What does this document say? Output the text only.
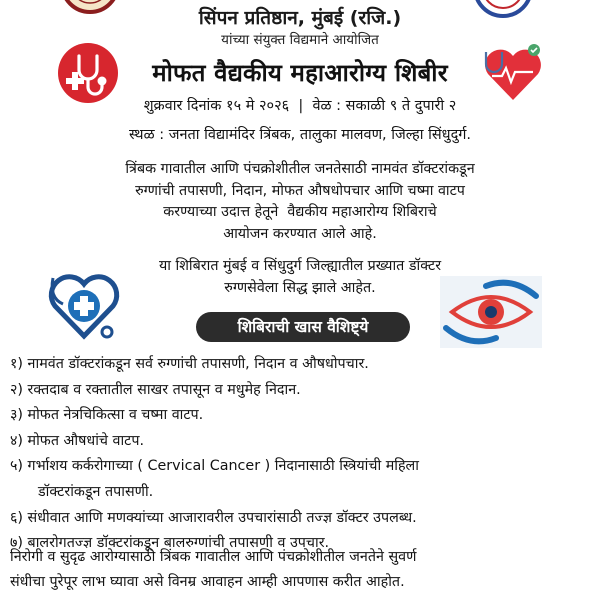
सिंपन प्रतिष्ठान, मुंबई (रजि.)
यांच्या संयुक्त विद्यमाने आयोजित
मोफत वैद्यकीय महाआरोग्य शिबीर
शुक्रवार दिनांक १५ मे २०२६  |  वेळ : सकाळी ९ ते दुपारी २
स्थळ : जनता विद्यामंदिर त्रिंबक, तालुका मालवण, जिल्हा सिंधुदुर्ग.
त्रिंबक गावातील आणि पंचक्रोशीतील जनतेसाठी नामवंत डॉक्टरांकडून
रुग्णांची तपासणी, निदान, मोफत औषधोपचार आणि चष्मा वाटप
करण्याच्या उदात्त हेतूने  वैद्यकीय महाआरोग्य शिबिराचे
आयोजन करण्यात आले आहे.
या शिबिरात मुंबई व सिंधुदुर्ग जिल्ह्यातील प्रख्यात डॉक्टर
रुग्णसेवेला सिद्ध झाले आहेत.
शिबिराची खास वैशिष्ट्ये
१) नामवंत डॉक्टरांकडून सर्व रुग्णांची तपासणी, निदान व औषधोपचार.
२) रक्तदाब व रक्तातील साखर तपासून व मधुमेह निदान.
३) मोफत नेत्रचिकित्सा व चष्मा वाटप.
४) मोफत औषधांचे वाटप.
५) गर्भाशय कर्करोगाच्या ( Cervical Cancer ) निदानासाठी स्त्रियांची महिला
डॉक्टरांकडून तपासणी.
६) संधीवात आणि मणक्यांच्या आजारावरील उपचारांसाठी तज्ज्ञ डॉक्टर उपलब्ध.
७) बालरोगतज्ज्ञ डॉक्टरांकडून बालरुग्णांची तपासणी व उपचार.
निरोगी व सुदृढ आरोग्यासाठी त्रिंबक गावातील आणि पंचक्रोशीतील जनतेने सुवर्ण
संधीचा पुरेपूर लाभ घ्यावा असे विनम्र आवाहन आम्ही आपणास करीत आहोत.
